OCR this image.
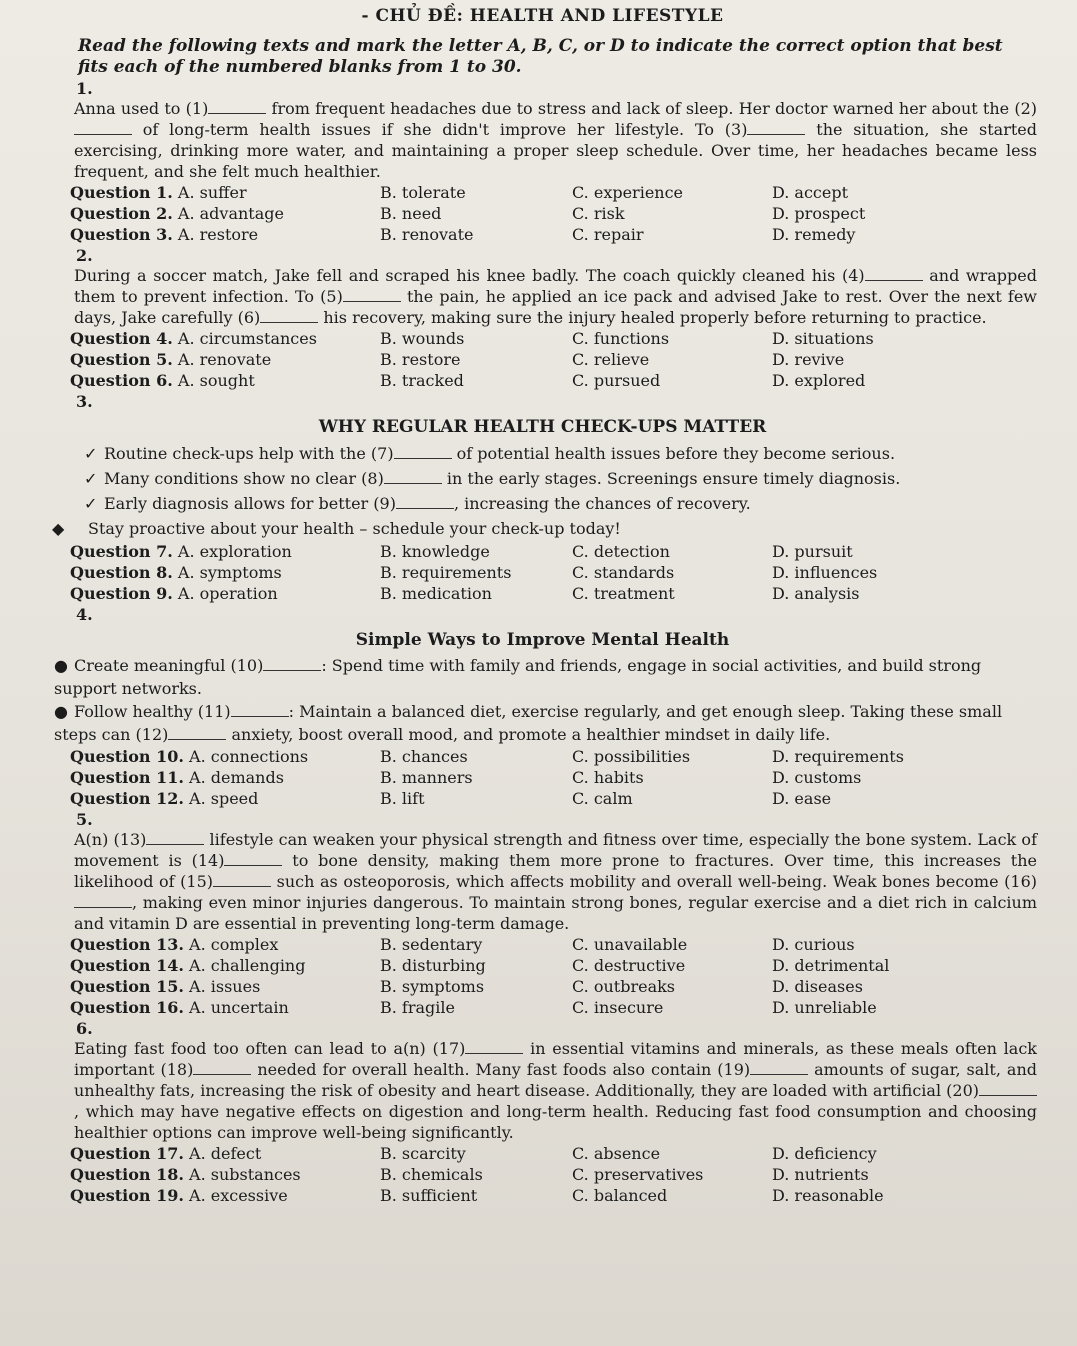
- CHỦ ĐỀ: HEALTH AND LIFESTYLE
Read the following texts and mark the letter A, B, C, or D to indicate the correct option that best fits each of the numbered blanks from 1 to 30.
1.
Anna used to (1)	from frequent headaches due to stress and lack of sleep. Her doctor warned her about the (2) of long-term health issues if she didn't improve her lifestyle. To (3)	the situation, she started exercising, drinking more water, and maintaining a proper sleep schedule. Over time, her headaches became less frequent, and she felt much healthier.
Question 1. A. suffer	B. tolerate	C. experience	D. accept
Question 2. A. advantage	B. need	C. risk	D. prospect
Question 3. A. restore	B. renovate	C. repair	D. remedy
2.
During a soccer match, Jake fell and scraped his knee badly. The coach quickly cleaned his (4)	and wrapped them to prevent infection. To (5)	the pain, he applied an ice pack and advised Jake to rest. Over the next few days, Jake carefully (6)	his recovery, making sure the injury healed properly before returning to practice.
Question 4. A. circumstances	B. wounds	C. functions	D. situations
Question 5. A. renovate	B. restore	C. relieve	D. revive
Question 6. A. sought	B. tracked	C. pursued	D. explored
3.
WHY REGULAR HEALTH CHECK-UPS MATTER
✓ Routine check-ups help with the (7)	of potential health issues before they become serious.
✓ Many conditions show no clear (8)	in the early stages. Screenings ensure timely diagnosis.
✓ Early diagnosis allows for better (9)	, increasing the chances of recovery.
◆ Stay proactive about your health – schedule your check-up today!
Question 7. A. exploration	B. knowledge	C. detection	D. pursuit
Question 8. A. symptoms	B. requirements	C. standards	D. influences
Question 9. A. operation	B. medication	C. treatment	D. analysis
4.
Simple Ways to Improve Mental Health
● Create meaningful (10)	: Spend time with family and friends, engage in social activities, and build strong support networks.
● Follow healthy (11)	: Maintain a balanced diet, exercise regularly, and get enough sleep. Taking these small steps can (12)	anxiety, boost overall mood, and promote a healthier mindset in daily life.
Question 10. A. connections	B. chances	C. possibilities	D. requirements
Question 11. A. demands	B. manners	C. habits	D. customs
Question 12. A. speed	B. lift	C. calm	D. ease
5.
A(n) (13)	lifestyle can weaken your physical strength and fitness over time, especially the bone system. Lack of movement is (14)	to bone density, making them more prone to fractures. Over time, this increases the likelihood of (15)	such as osteoporosis, which affects mobility and overall well-being. Weak bones become (16), making even minor injuries dangerous. To maintain strong bones, regular exercise and a diet rich in calcium and vitamin D are essential in preventing long-term damage.
Question 13. A. complex	B. sedentary	C. unavailable	D. curious
Question 14. A. challenging	B. disturbing	C. destructive	D. detrimental
Question 15. A. issues	B. symptoms	C. outbreaks	D. diseases
Question 16. A. uncertain	B. fragile	C. insecure	D. unreliable
6.
Eating fast food too often can lead to a(n) (17)	in essential vitamins and minerals, as these meals often lack important (18)	needed for overall health. Many fast foods also contain (19)	amounts of sugar, salt, and unhealthy fats, increasing the risk of obesity and heart disease. Additionally, they are loaded with artificial (20), which may have negative effects on digestion and long-term health. Reducing fast food consumption and choosing healthier options can improve well-being significantly.
Question 17. A. defect	B. scarcity	C. absence	D. deficiency
Question 18. A. substances	B. chemicals	C. preservatives	D. nutrients
Question 19. A. excessive	B. sufficient	C. balanced	D. reasonable
